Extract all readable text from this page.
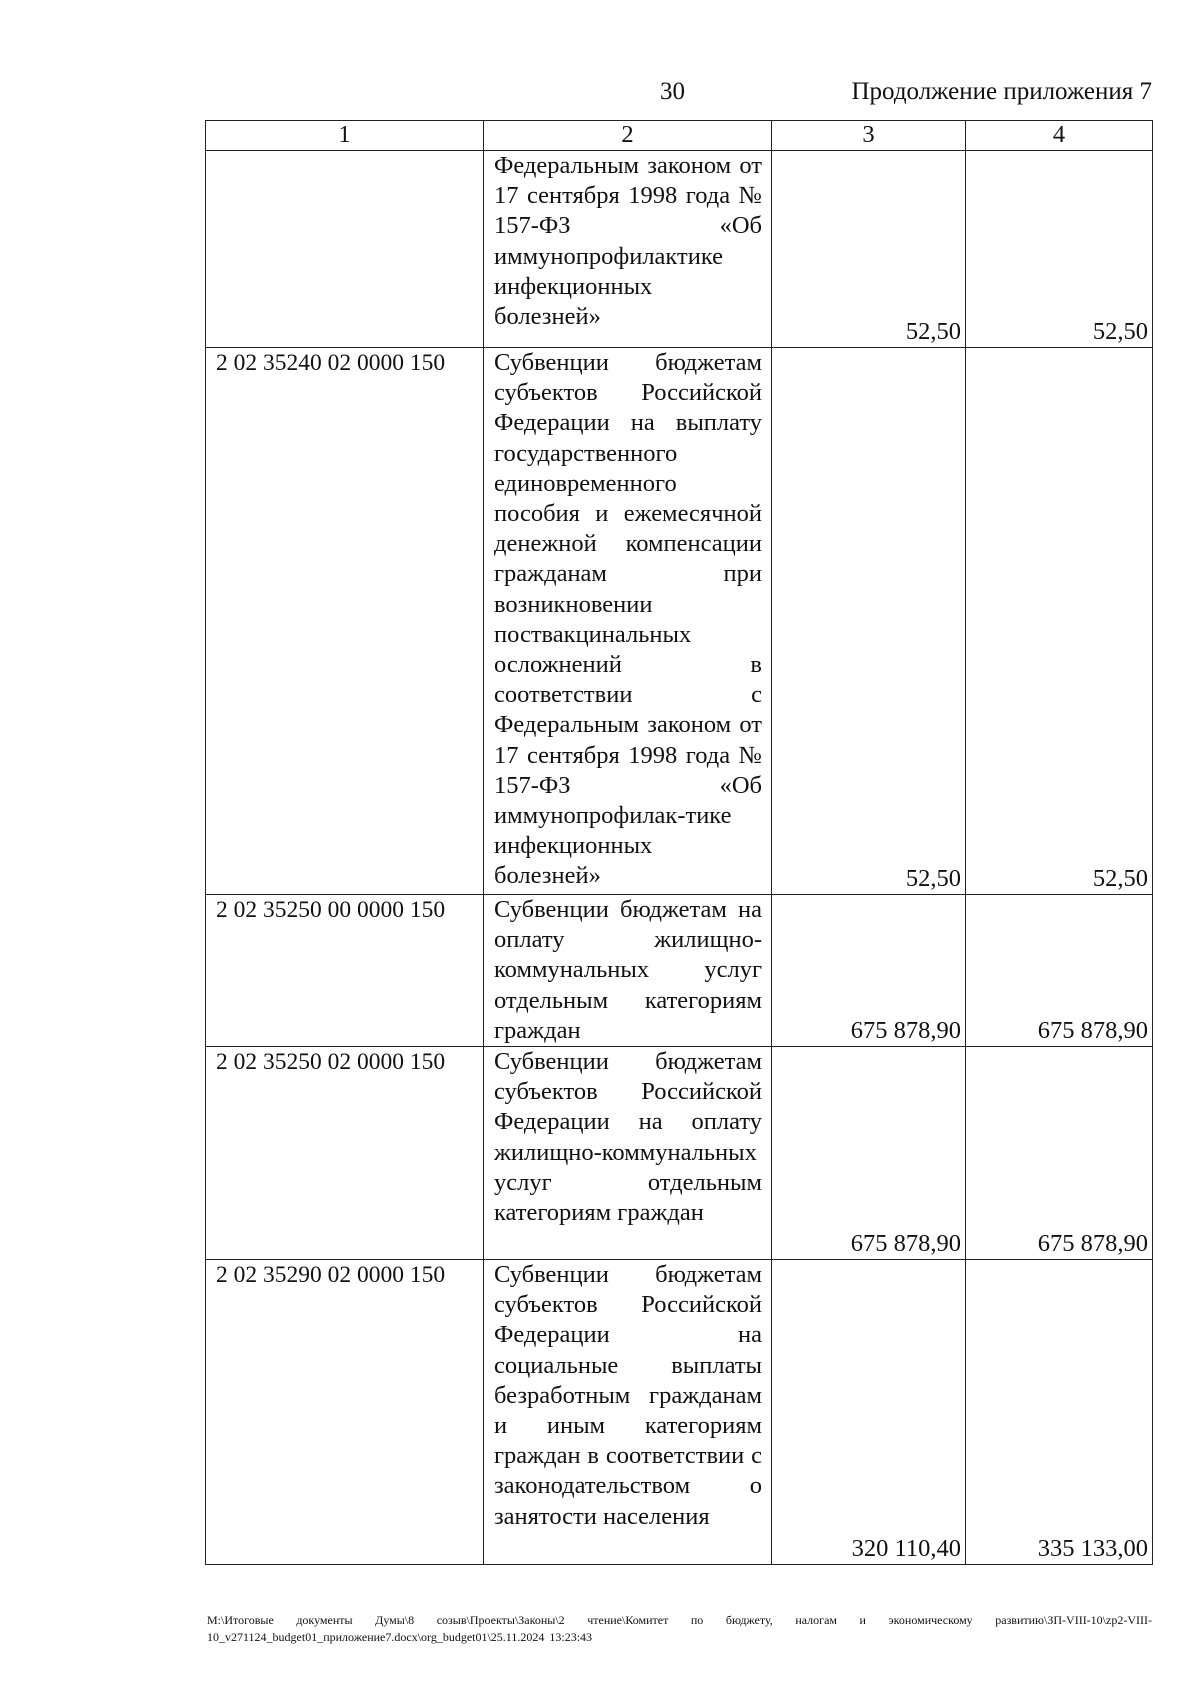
30	Продолжение приложения 7
1	2	3	4
	Федеральным законом от 17 сентября 1998 года № 157-ФЗ «Об иммунопрофилактике инфекционных болезней»	52,50	52,50
2 02 35240 02 0000 150	Субвенции бюджетам субъектов Российской Федерации на выплату государственного единовременного пособия и ежемесячной денежной компенсации гражданам при возникновении поствакцинальных осложнений в соответствии с Федеральным законом от 17 сентября 1998 года № 157-ФЗ «Об иммунопрофилак-тике инфекционных болезней»	52,50	52,50
2 02 35250 00 0000 150	Субвенции бюджетам на оплату жилищно-коммунальных услуг отдельным категориям граждан	675 878,90	675 878,90
2 02 35250 02 0000 150	Субвенции бюджетам субъектов Российской Федерации на оплату жилищно-коммунальных услуг отдельным категориям граждан	675 878,90	675 878,90
2 02 35290 02 0000 150	Субвенции бюджетам субъектов Российской Федерации на социальные выплаты безработным гражданам и иным категориям граждан в соответствии с законодательством о занятости населения	320 110,40	335 133,00
M:\Итоговые документы Думы\8 созыв\Проекты\Законы\2 чтение\Комитет по бюджету, налогам и экономическому развитию\ЗП-VIII-10\zp2-VIII-10_v271124_budget01_приложение7.docx\org_budget01\25.11.2024 13:23:43
